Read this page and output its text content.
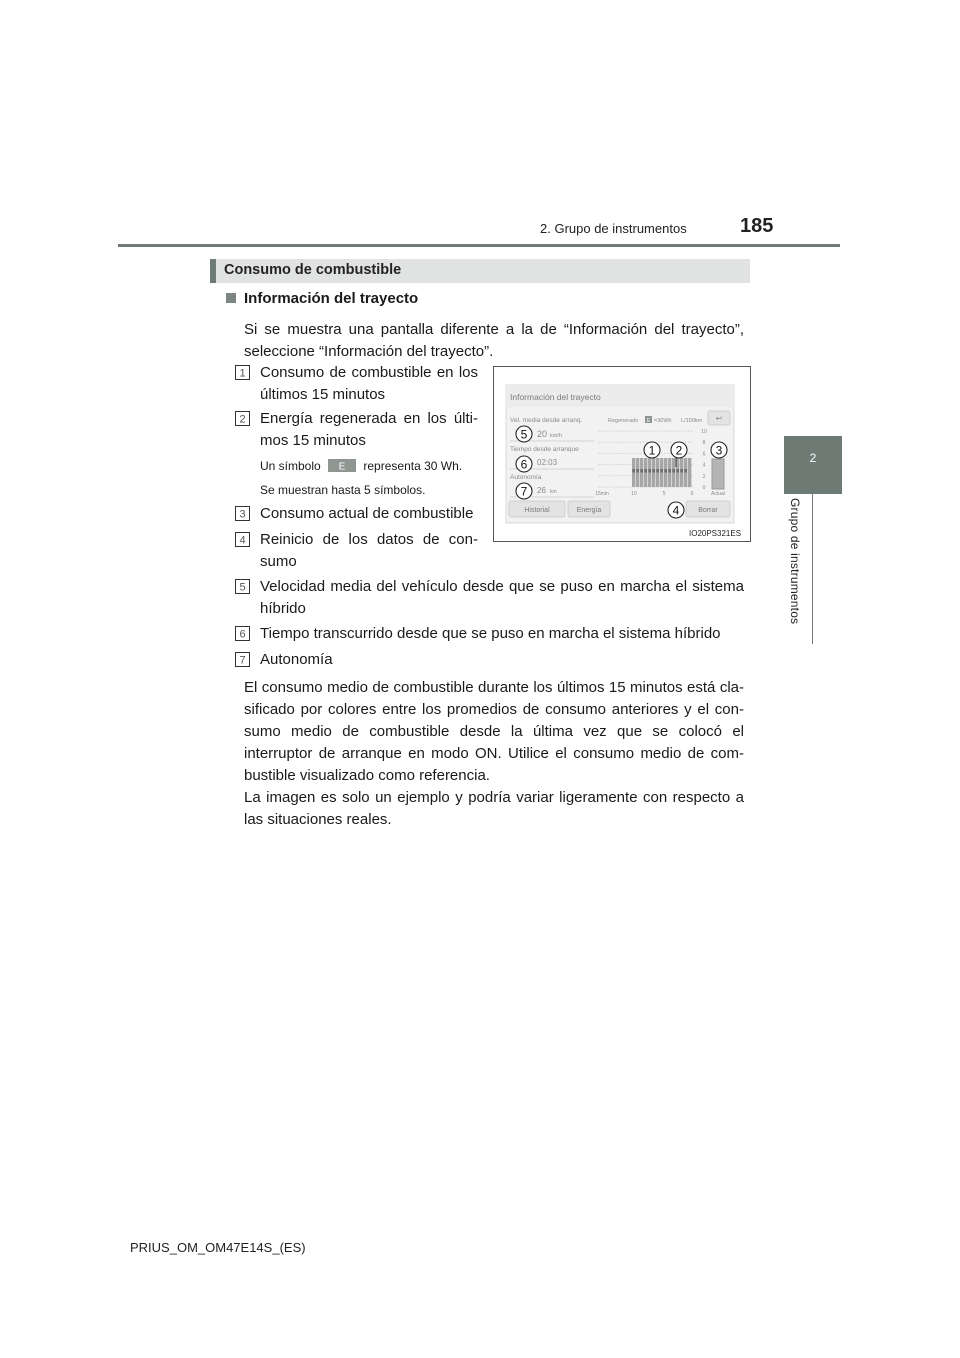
2. Grupo de instrumentos	185
2
Grupo de instrumentos
Consumo de combustible
Información del trayecto
Si se muestra una pantalla diferente a la de “Información del trayecto”,
seleccione “Información del trayecto”.
1 Consumo de combustible en los
últimos 15 minutos
2 Energía regenerada en los últi-
mos 15 minutos
Un símbolo E representa 30 Wh.
Se muestran hasta 5 símbolos.
3 Consumo actual de combustible
4 Reinicio de los datos de con-
sumo
5 Velocidad media del vehículo desde que se puso en marcha el sistema
híbrido
6 Tiempo transcurrido desde que se puso en marcha el sistema híbrido
7 Autonomía
El consumo medio de combustible durante los últimos 15 minutos está cla-
sificado por colores entre los promedios de consumo anteriores y el con-
sumo medio de combustible desde la última vez que se colocó el
interruptor de arranque en modo ON. Utilice el consumo medio de com-
bustible visualizado como referencia.
La imagen es solo un ejemplo y podría variar ligeramente con respecto a
las situaciones reales.
Información del trayecto
Vel. media desde arranq.
20 km/h
Tiempo desde arranque
02:03
Autonomía
26 km
Regenerado E =30Wh L/100km ↩
10
8
6
4
2
0
15min	10	5	0	Actual
Historial	Energía	Borrar
5
6
7
1 2	3
4
IO20PS321ES
PRIUS_OM_OM47E14S_(ES)
